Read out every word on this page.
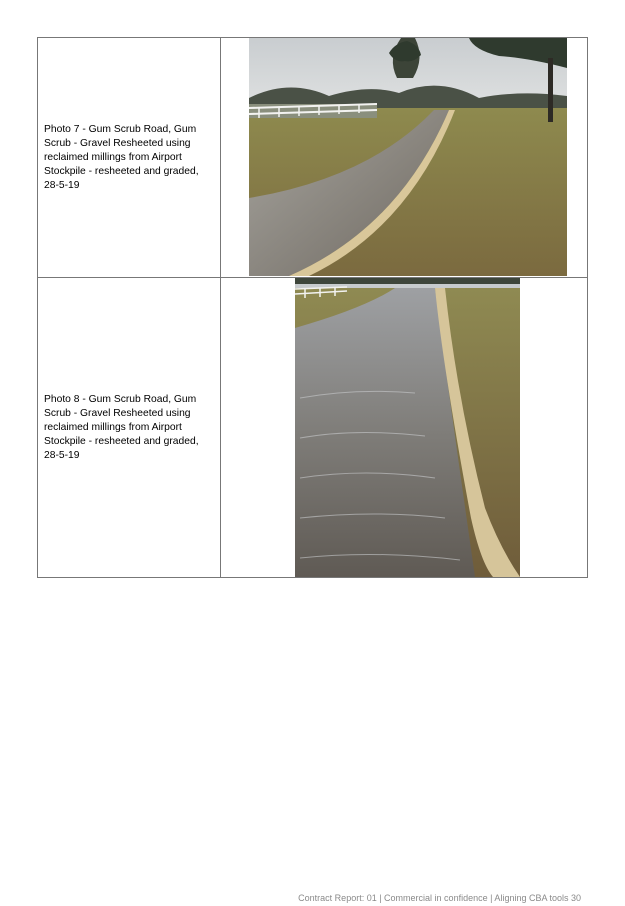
Photo 7 - Gum Scrub Road, Gum Scrub - Gravel Resheeted using reclaimed millings from Airport Stockpile - resheeted and graded, 28-5-19	

Photo 8 - Gum Scrub Road, Gum Scrub - Gravel Resheeted using reclaimed millings from Airport Stockpile - resheeted and graded, 28-5-19	
Contract Report: 01 | Commercial in confidence | Aligning CBA tools 30
